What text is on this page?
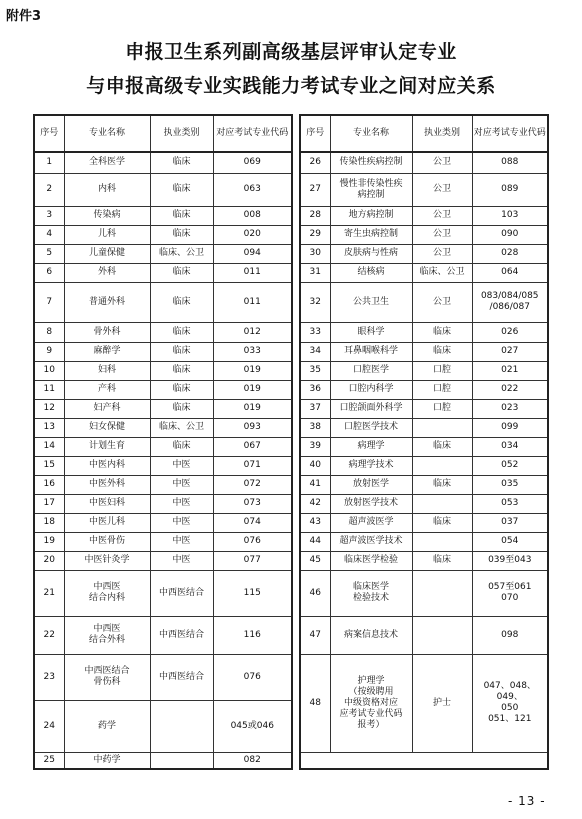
附件3
申报卫生系列副高级基层评审认定专业
与申报高级专业实践能力考试专业之间对应关系
序号	专业名称	执业类别	对应考试专业代码
1	全科医学	临床	069
2	内科	临床	063
3	传染病	临床	008
4	儿科	临床	020
5	儿童保健	临床、公卫	094
6	外科	临床	011
7	普通外科	临床	011
8	骨外科	临床	012
9	麻醉学	临床	033
10	妇科	临床	019
11	产科	临床	019
12	妇产科	临床	019
13	妇女保健	临床、公卫	093
14	计划生育	临床	067
15	中医内科	中医	071
16	中医外科	中医	072
17	中医妇科	中医	073
18	中医儿科	中医	074
19	中医骨伤	中医	076
20	中医针灸学	中医	077
21	中西医
结合内科	中西医结合	115
22	中西医
结合外科	中西医结合	116
23	中西医结合
骨伤科	中西医结合	076
24	药学		045或046
25	中药学		082
序号	专业名称	执业类别	对应考试专业代码
26	传染性疾病控制	公卫	088
27	慢性非传染性疾
病控制	公卫	089
28	地方病控制	公卫	103
29	寄生虫病控制	公卫	090
30	皮肤病与性病	公卫	028
31	结核病	临床、公卫	064
32	公共卫生	公卫	083/084/085
/086/087
33	眼科学	临床	026
34	耳鼻咽喉科学	临床	027
35	口腔医学	口腔	021
36	口腔内科学	口腔	022
37	口腔颌面外科学	口腔	023
38	口腔医学技术		099
39	病理学	临床	034
40	病理学技术		052
41	放射医学	临床	035
42	放射医学技术		053
43	超声波医学	临床	037
44	超声波医学技术		054
45	临床医学检验	临床	039至043
46	临床医学
检验技术		057至061
070
47	病案信息技术		098
48	护理学
（按级聘用
中级资格对应
应考试专业代码
报考）	护士	047、048、049、
050
051、121

- 13 -
